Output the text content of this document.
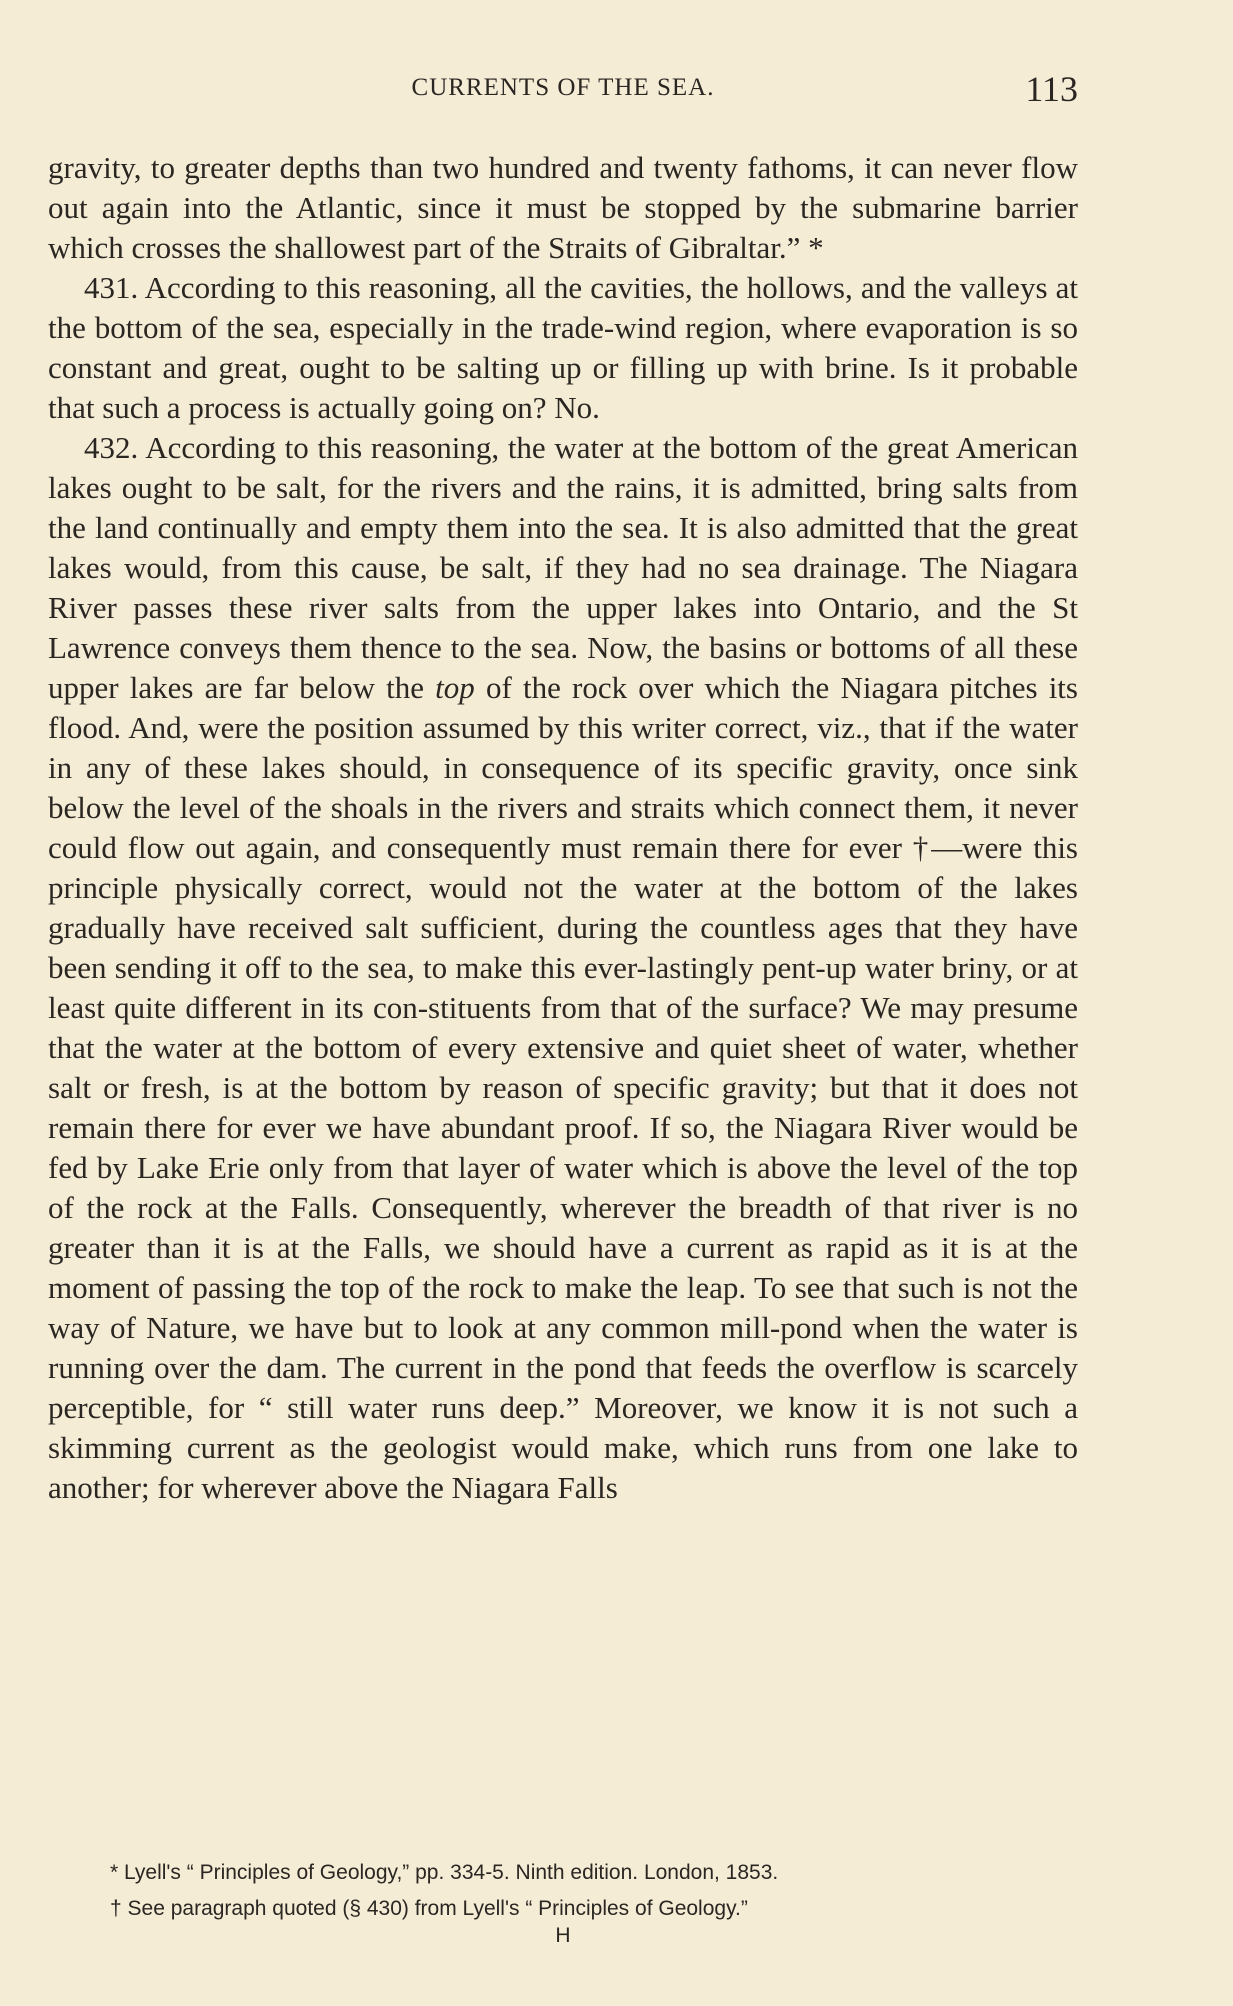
CURRENTS OF THE SEA.	113

gravity, to greater depths than two hundred and twenty fathoms, it can never flow out again into the Atlantic, since it must be stopped by the submarine barrier which crosses the shallowest part of the Straits of Gibraltar.” *

431. According to this reasoning, all the cavities, the hollows, and the valleys at the bottom of the sea, especially in the trade-wind region, where evaporation is so constant and great, ought to be salting up or filling up with brine. Is it probable that such a process is actually going on? No.

432. According to this reasoning, the water at the bottom of the great American lakes ought to be salt, for the rivers and the rains, it is admitted, bring salts from the land continually and empty them into the sea. It is also admitted that the great lakes would, from this cause, be salt, if they had no sea drainage. The Niagara River passes these river salts from the upper lakes into Ontario, and the St Lawrence conveys them thence to the sea. Now, the basins or bottoms of all these upper lakes are far below the top of the rock over which the Niagara pitches its flood. And, were the position assumed by this writer correct, viz., that if the water in any of these lakes should, in consequence of its specific gravity, once sink below the level of the shoals in the rivers and straits which connect them, it never could flow out again, and consequently must remain there for ever †—were this principle physically correct, would not the water at the bottom of the lakes gradually have received salt sufficient, during the countless ages that they have been sending it off to the sea, to make this ever-lastingly pent-up water briny, or at least quite different in its con-stituents from that of the surface? We may presume that the water at the bottom of every extensive and quiet sheet of water, whether salt or fresh, is at the bottom by reason of specific gravity; but that it does not remain there for ever we have abundant proof. If so, the Niagara River would be fed by Lake Erie only from that layer of water which is above the level of the top of the rock at the Falls. Consequently, wherever the breadth of that river is no greater than it is at the Falls, we should have a current as rapid as it is at the moment of passing the top of the rock to make the leap. To see that such is not the way of Nature, we have but to look at any common mill-pond when the water is running over the dam. The current in the pond that feeds the overflow is scarcely perceptible, for “ still water runs deep.” Moreover, we know it is not such a skimming current as the geologist would make, which runs from one lake to another; for wherever above the Niagara Falls

* Lyell's “ Principles of Geology,” pp. 334-5. Ninth edition. London, 1853.

† See paragraph quoted (§ 430) from Lyell's “ Principles of Geology.”

H
